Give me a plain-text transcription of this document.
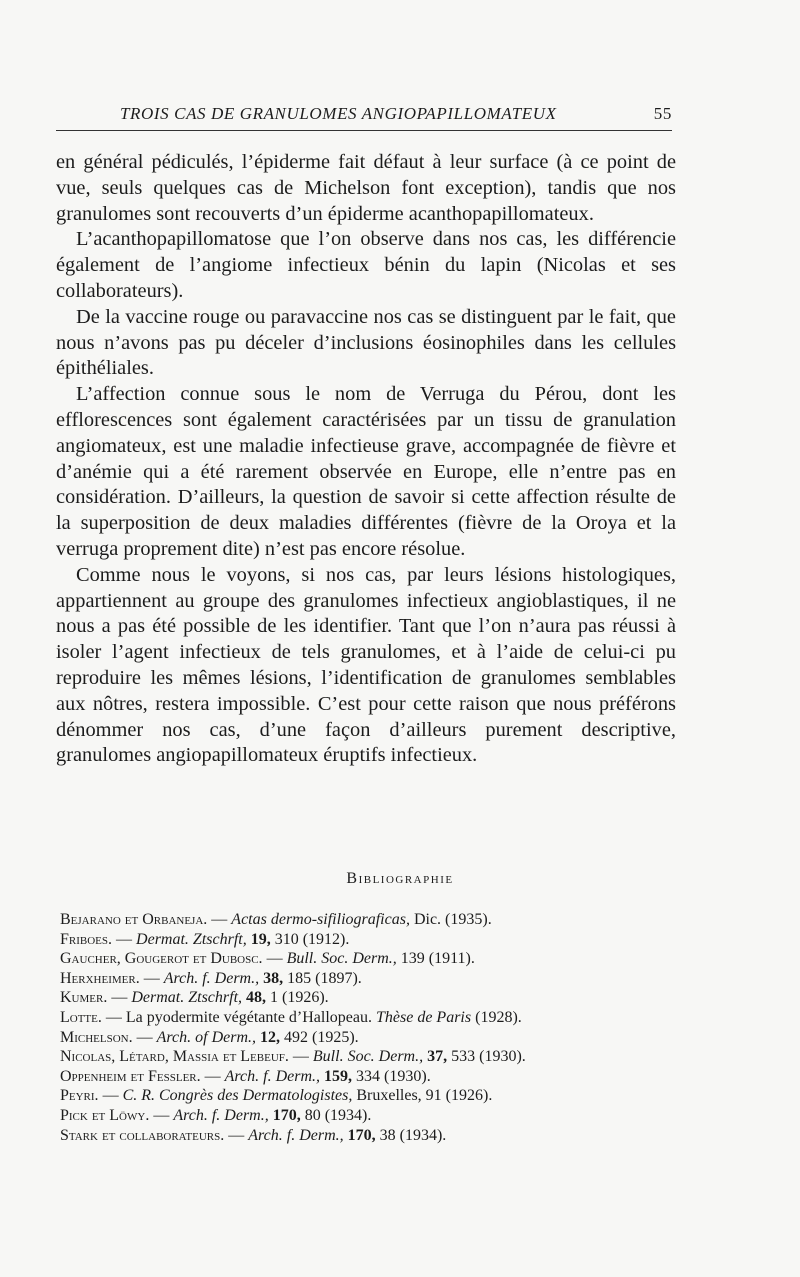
TROIS CAS DE GRANULOMES ANGIOPAPILLOMATEUX	55

en général pédiculés, l’épiderme fait défaut à leur surface (à ce point de vue, seuls quelques cas de Michelson font exception), tandis que nos granulomes sont recouverts d’un épiderme acanthopapillomateux.

L’acanthopapillomatose que l’on observe dans nos cas, les différencie également de l’angiome infectieux bénin du lapin (Nicolas et ses collaborateurs).

De la vaccine rouge ou paravaccine nos cas se distinguent par le fait, que nous n’avons pas pu déceler d’inclusions éosinophiles dans les cellules épithéliales.

L’affection connue sous le nom de Verruga du Pérou, dont les efflorescences sont également caractérisées par un tissu de granulation angiomateux, est une maladie infectieuse grave, accompagnée de fièvre et d’anémie qui a été rarement observée en Europe, elle n’entre pas en considération. D’ailleurs, la question de savoir si cette affection résulte de la superposition de deux maladies différentes (fièvre de la Oroya et la verruga proprement dite) n’est pas encore résolue.

Comme nous le voyons, si nos cas, par leurs lésions histologiques, appartiennent au groupe des granulomes infectieux angioblastiques, il ne nous a pas été possible de les identifier. Tant que l’on n’aura pas réussi à isoler l’agent infectieux de tels granulomes, et à l’aide de celui-ci pu reproduire les mêmes lésions, l’identification de granulomes semblables aux nôtres, restera impossible. C’est pour cette raison que nous préférons dénommer nos cas, d’une façon d’ailleurs purement descriptive, granulomes angiopapillomateux éruptifs infectieux.

Bibliographie
Bejarano et Orbaneja. — Actas dermo-sifiliograficas, Dic. (1935).
Friboes. — Dermat. Ztschrft, 19, 310 (1912).
Gaucher, Gougerot et Dubosc. — Bull. Soc. Derm., 139 (1911).
Herxheimer. — Arch. f. Derm., 38, 185 (1897).
Kumer. — Dermat. Ztschrft, 48, 1 (1926).
Lotte. — La pyodermite végétante d’Hallopeau. Thèse de Paris (1928).
Michelson. — Arch. of Derm., 12, 492 (1925).
Nicolas, Létard, Massia et Lebeuf. — Bull. Soc. Derm., 37, 533 (1930).
Oppenheim et Fessler. — Arch. f. Derm., 159, 334 (1930).
Peyri. — C. R. Congrès des Dermatologistes, Bruxelles, 91 (1926).
Pick et Löwy. — Arch. f. Derm., 170, 80 (1934).
Stark et collaborateurs. — Arch. f. Derm., 170, 38 (1934).
